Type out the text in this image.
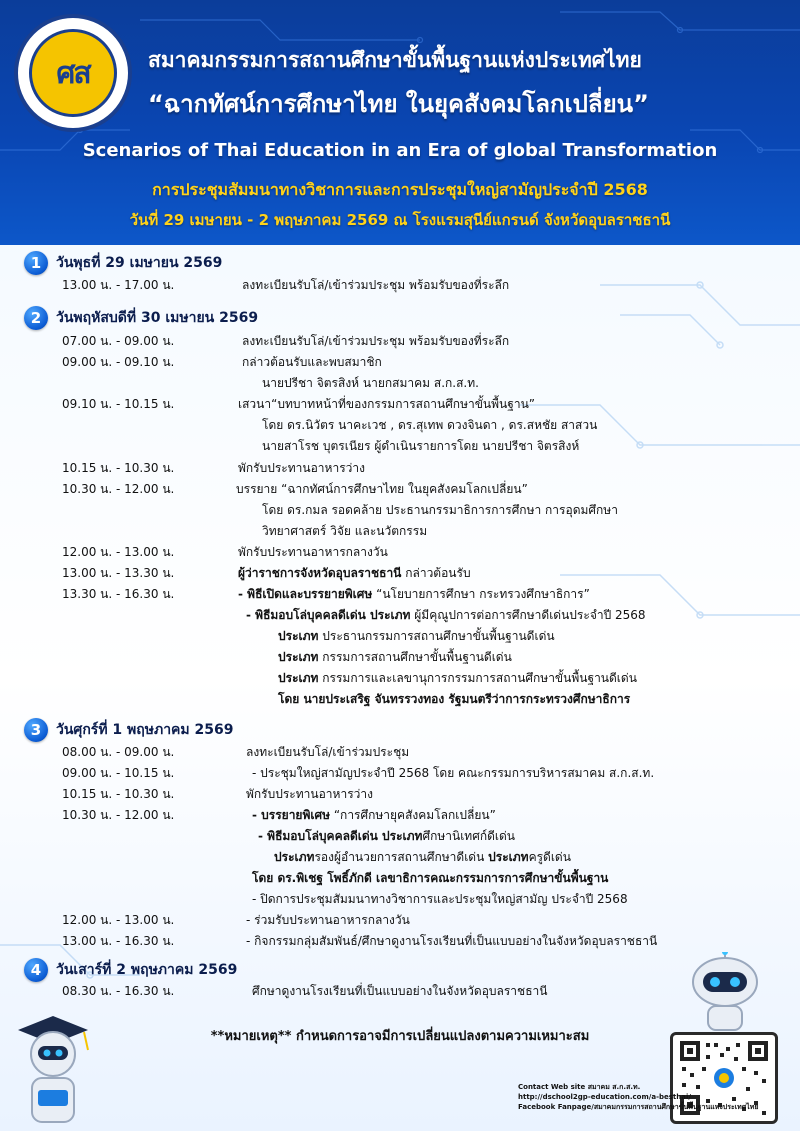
ศส	สมาคมกรรมการสถานศึกษาขั้นพื้นฐานแห่งประเทศไทย
“ฉากทัศน์การศึกษาไทย ในยุคสังคมโลกเปลี่ยน”
Scenarios of Thai Education in an Era of global Transformation
การประชุมสัมมนาทางวิชาการและการประชุมใหญ่สามัญประจำปี 2568
วันที่ 29 เมษายน - 2 พฤษภาคม 2569 ณ โรงแรมสุนีย์แกรนด์ จังหวัดอุบลราชธานี
1	วันพุธที่ 29 เมษายน 2569
13.00 น. - 17.00 น.	ลงทะเบียนรับโล่/เข้าร่วมประชุม พร้อมรับของที่ระลึก
2	วันพฤหัสบดีที่ 30 เมษายน 2569
07.00 น. - 09.00 น.	ลงทะเบียนรับโล่/เข้าร่วมประชุม พร้อมรับของที่ระลึก
09.00 น. - 09.10 น.	กล่าวต้อนรับและพบสมาชิก
นายปรีชา จิตรสิงห์ นายกสมาคม ส.ก.ส.ท.
09.10 น. - 10.15 น.	เสวนา“บทบาทหน้าที่ของกรรมการสถานศึกษาขั้นพื้นฐาน”
โดย ดร.นิวัตร นาคะเวช , ดร.สุเทพ ดวงจินดา , ดร.สหชัย สาสวน
นายสาโรช บุตรเนียร ผู้ดำเนินรายการโดย นายปรีชา จิตรสิงห์
10.15 น. - 10.30 น.	พักรับประทานอาหารว่าง
10.30 น. - 12.00 น.	บรรยาย “ฉากทัศน์การศึกษาไทย ในยุคสังคมโลกเปลี่ยน”
โดย ดร.กมล รอดคล้าย ประธานกรรมาธิการการศึกษา การอุดมศึกษา
วิทยาศาสตร์ วิจัย และนวัตกรรม
12.00 น. - 13.00 น.	พักรับประทานอาหารกลางวัน
13.00 น. - 13.30 น.	ผู้ว่าราชการจังหวัดอุบลราชธานี กล่าวต้อนรับ
13.30 น. - 16.30 น.	- พิธีเปิดและบรรยายพิเศษ “นโยบายการศึกษา กระทรวงศึกษาธิการ”
- พิธีมอบโล่บุคคลดีเด่น ประเภท ผู้มีคุณูปการต่อการศึกษาดีเด่นประจำปี 2568
ประเภท ประธานกรรมการสถานศึกษาขั้นพื้นฐานดีเด่น
ประเภท กรรมการสถานศึกษาขั้นพื้นฐานดีเด่น
ประเภท กรรมการและเลขานุการกรรมการสถานศึกษาขั้นพื้นฐานดีเด่น
โดย นายประเสริฐ จันทรรวงทอง รัฐมนตรีว่าการกระทรวงศึกษาธิการ
3	วันศุกร์ที่ 1 พฤษภาคม 2569
08.00 น. - 09.00 น.	ลงทะเบียนรับโล่/เข้าร่วมประชุม
09.00 น. - 10.15 น.	- ประชุมใหญ่สามัญประจำปี 2568 โดย คณะกรรมการบริหารสมาคม ส.ก.ส.ท.
10.15 น. - 10.30 น.	พักรับประทานอาหารว่าง
10.30 น. - 12.00 น.	- บรรยายพิเศษ “การศึกษายุคสังคมโลกเปลี่ยน”
- พิธีมอบโล่บุคคลดีเด่น ประเภทศึกษานิเทศก์ดีเด่น
ประเภทรองผู้อำนวยการสถานศึกษาดีเด่น ประเภทครูดีเด่น
โดย ดร.พิเชฐ โพธิ์ภักดี เลขาธิการคณะกรรมการการศึกษาขั้นพื้นฐาน
- ปิดการประชุมสัมมนาทางวิชาการและประชุมใหญ่สามัญ ประจำปี 2568
12.00 น. - 13.00 น.	- ร่วมรับประทานอาหารกลางวัน
13.00 น. - 16.30 น.	- กิจกรรมกลุ่มสัมพันธ์/ศึกษาดูงานโรงเรียนที่เป็นแบบอย่างในจังหวัดอุบลราชธานี
4	วันเสาร์ที่ 2 พฤษภาคม 2569
08.30 น. - 16.30 น.	ศึกษาดูงานโรงเรียนที่เป็นแบบอย่างในจังหวัดอุบลราชธานี
**หมายเหตุ** กำหนดการอาจมีการเปลี่ยนแปลงตามความเหมาะสม
Contact Web site สมาคม ส.ก.ส.ท.
http://dschool2gp-education.com/a-besthai/
Facebook Fanpage/สมาคมกรรมการสถานศึกษาขั้นพื้นฐานแห่งประเทศไทย
